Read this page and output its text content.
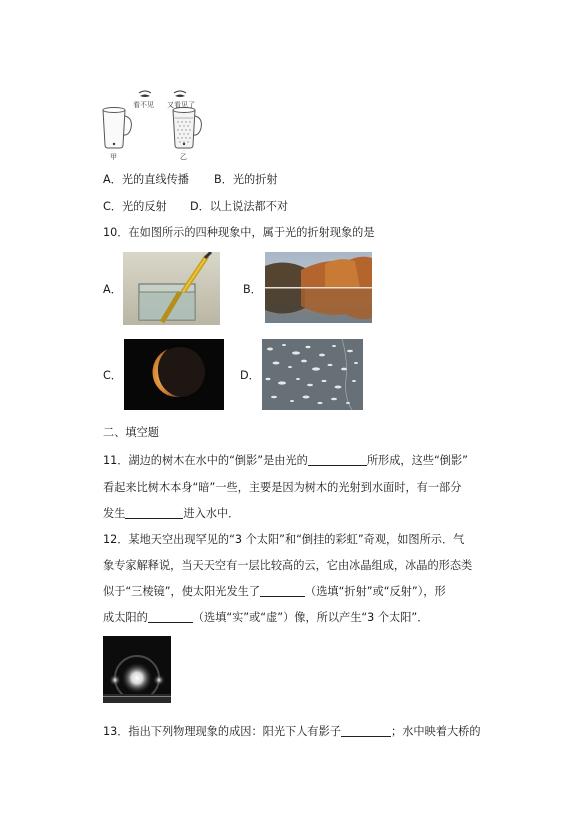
看不见 又看见了
甲	乙
A．光的直线传播 B．光的折射
C．光的反射 D．以上说法都不对
10．在如图所示的四种现象中，属于光的折射现象的是
A．	B．
C．	D．
二、填空题
11．湖边的树木在水中的“倒影”是由光的	所形成，这些“倒影”
看起来比树木本身“暗”一些，主要是因为树木的光射到水面时，有一部分
发生	进入水中．
12．某地天空出现罕见的“3 个太阳”和“倒挂的彩虹”奇观，如图所示．气
象专家解释说，当天天空有一层比较高的云，它由冰晶组成，冰晶的形态类
似于“三棱镜”，使太阳光发生了	（选填“折射”或“反射”），形
成太阳的	（选填“实”或“虚”）像，所以产生“3 个太阳”．
13．指出下列物理现象的成因：阳光下人有影子	；水中映着大桥的
